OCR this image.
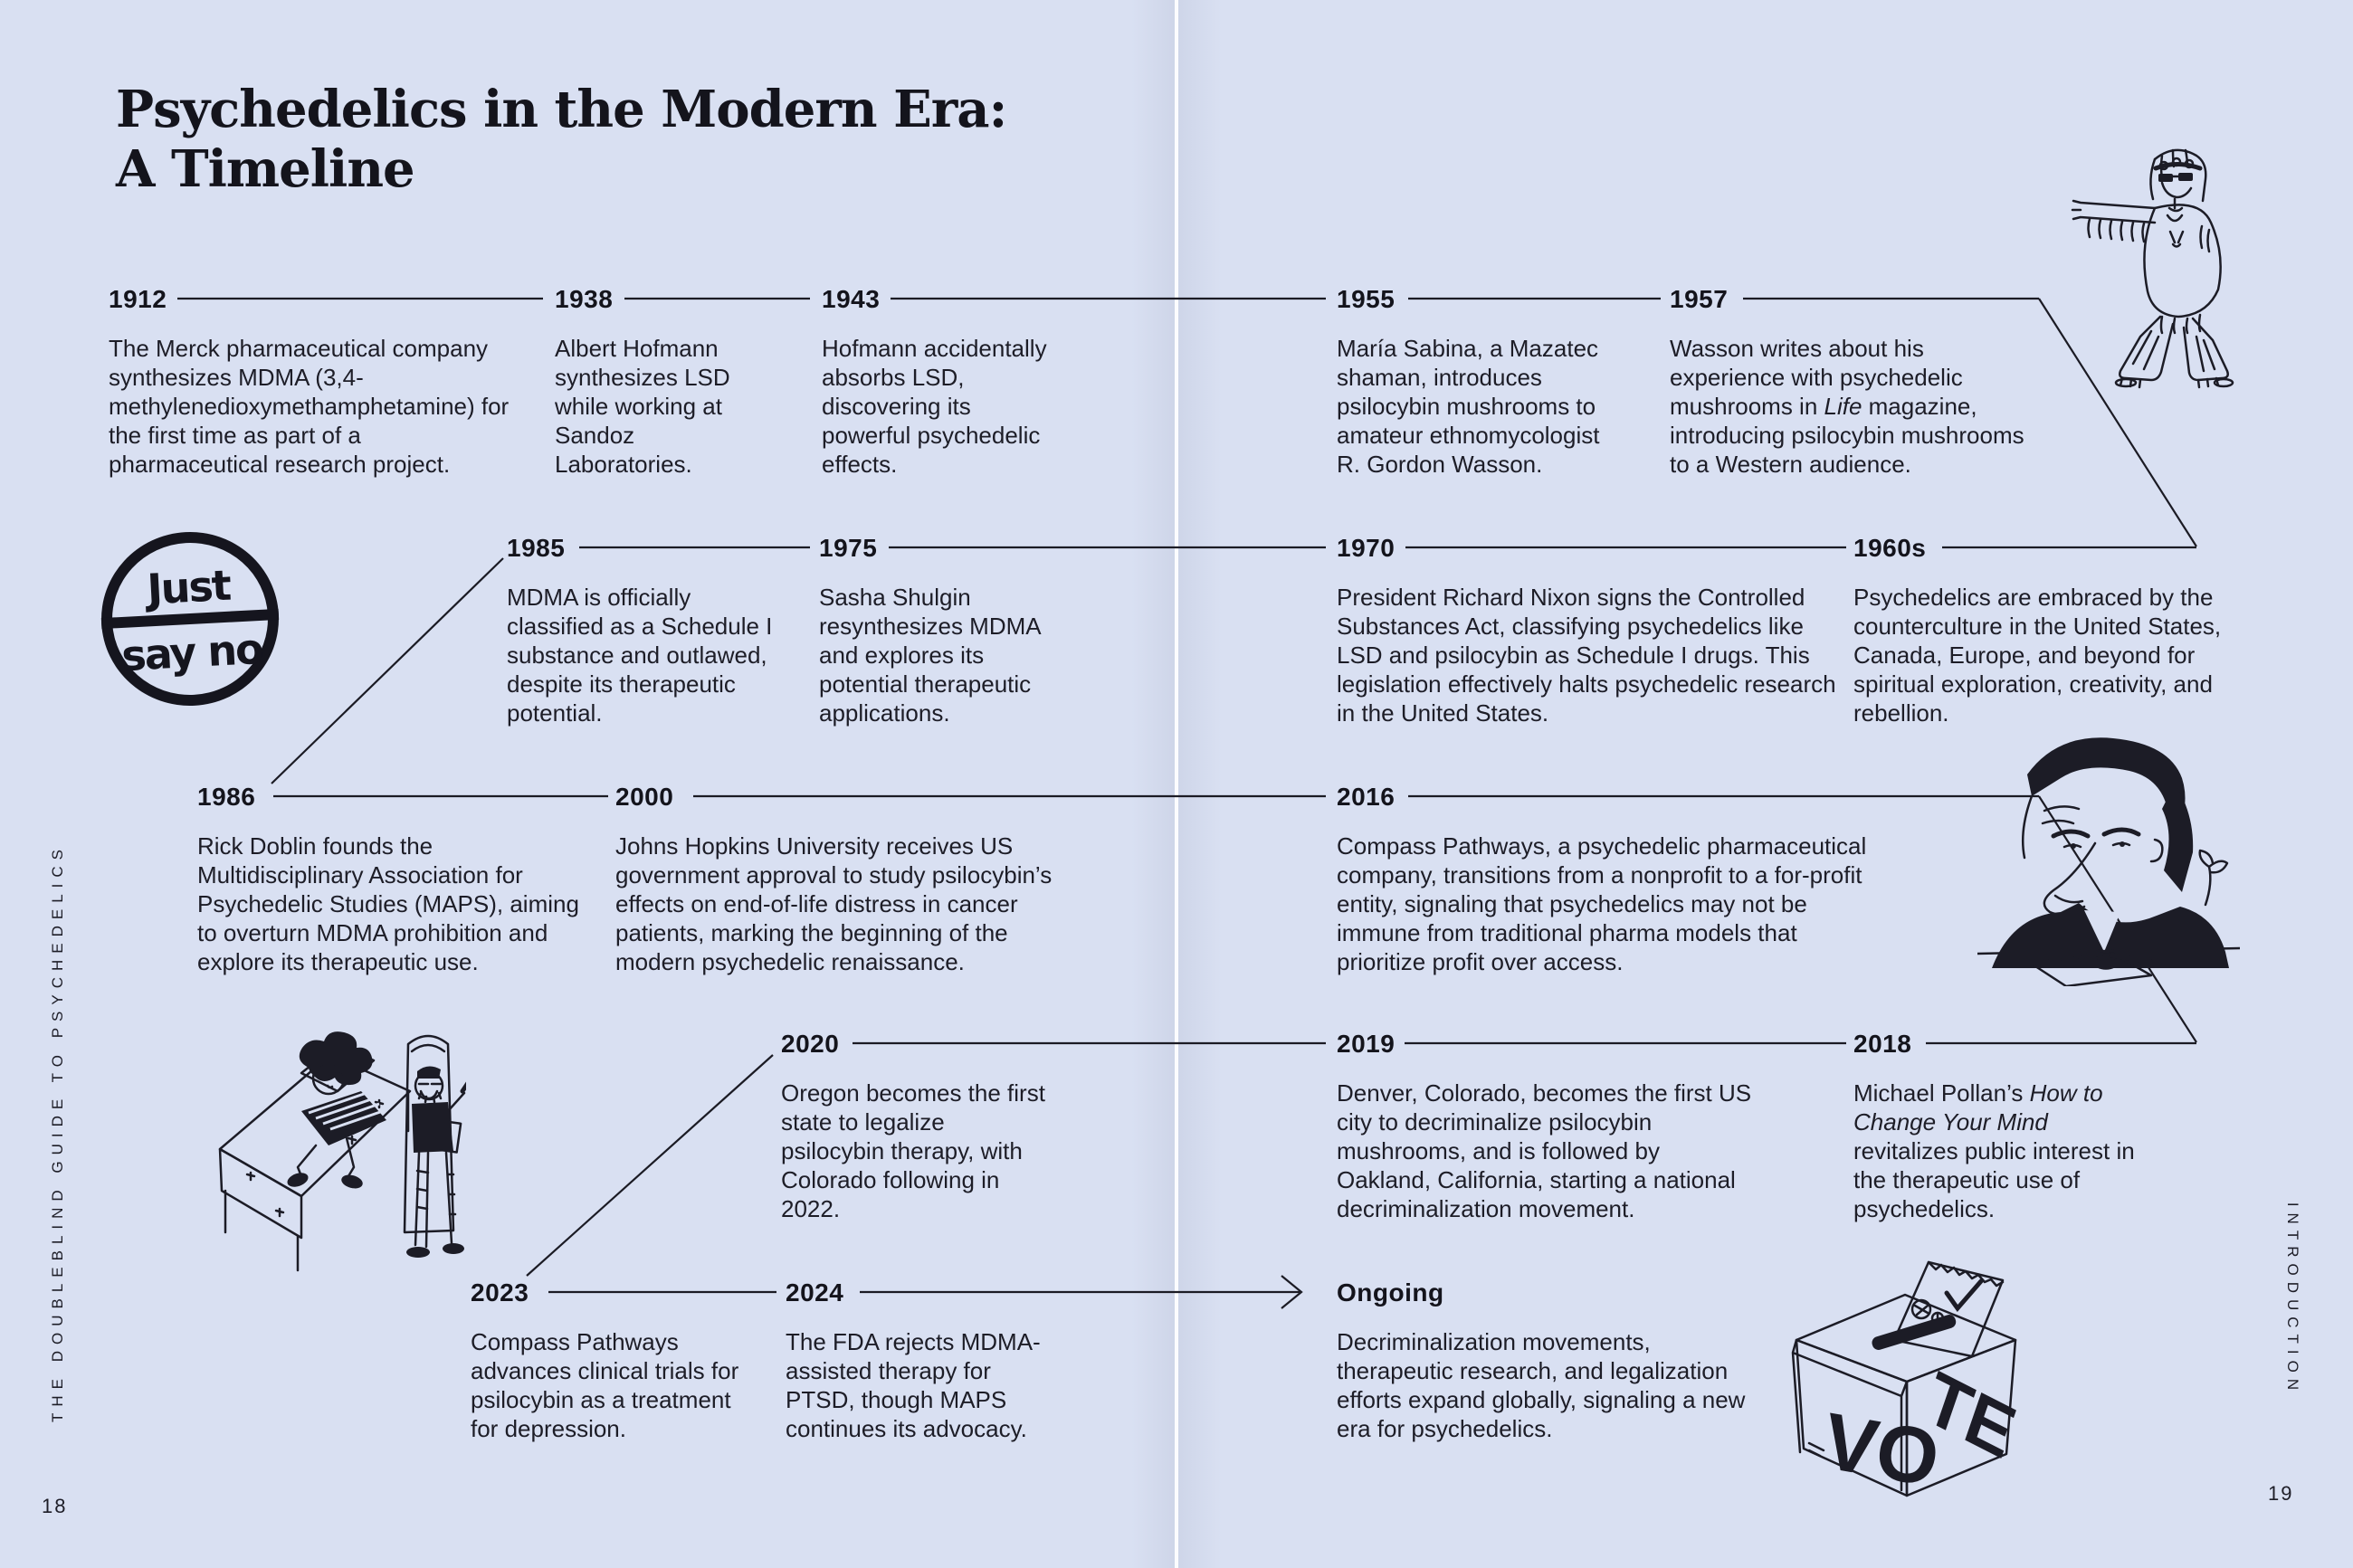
Psychedelics in the Modern Era:
A Timeline
1912

The Merck pharmaceutical company synthesizes MDMA (3,4-methylenedioxymethamphetamine) for the first time as part of a pharmaceutical research project.

1938

Albert Hofmann synthesizes LSD while working at Sandoz Laboratories.

1943

Hofmann accidentally absorbs LSD, discovering its powerful psychedelic effects.

1955

María Sabina, a Mazatec shaman, introduces psilocybin mushrooms to amateur ethnomycologist R. Gordon Wasson.

1957

Wasson writes about his experience with psychedelic mushrooms in Life magazine, introducing psilocybin mushrooms to a Western audience.

1985

MDMA is officially classified as a Schedule I substance and outlawed, despite its therapeutic potential.

1975

Sasha Shulgin resynthesizes MDMA and explores its potential therapeutic applications.

1970

President Richard Nixon signs the Controlled Substances Act, classifying psychedelics like LSD and psilocybin as Schedule I drugs. This legislation effectively halts psychedelic research in the United States.

1960s

Psychedelics are embraced by the counterculture in the United States, Canada, Europe, and beyond for spiritual exploration, creativity, and rebellion.

1986

Rick Doblin founds the Multidisciplinary Association for Psychedelic Studies (MAPS), aiming to overturn MDMA prohibition and explore its therapeutic use.

2000

Johns Hopkins University receives US government approval to study psilocybin’s effects on end-of-life distress in cancer patients, marking the beginning of the modern psychedelic renaissance.

2016

Compass Pathways, a psychedelic pharmaceutical company, transitions from a nonprofit to a for-profit entity, signaling that psychedelics may not be immune from traditional pharma models that prioritize profit over access.

2020

Oregon becomes the first state to legalize psilocybin therapy, with Colorado following in 2022.

2019

Denver, Colorado, becomes the first US city to decriminalize psilocybin mushrooms, and is followed by Oakland, California, starting a national decriminalization movement.

2018

Michael Pollan’s How to Change Your Mind revitalizes public interest in the therapeutic use of psychedelics.

2023

Compass Pathways advances clinical trials for psilocybin as a treatment for depression.

2024

The FDA rejects MDMA-assisted therapy for PTSD, though MAPS continues its advocacy.

Ongoing

Decriminalization movements, therapeutic research, and legalization efforts expand globally, signaling a new era for psychedelics.

Just
say no
VO
TE
THE DOUBLEBLIND GUIDE TO PSYCHEDELICS	INTRODUCTION
18
19
